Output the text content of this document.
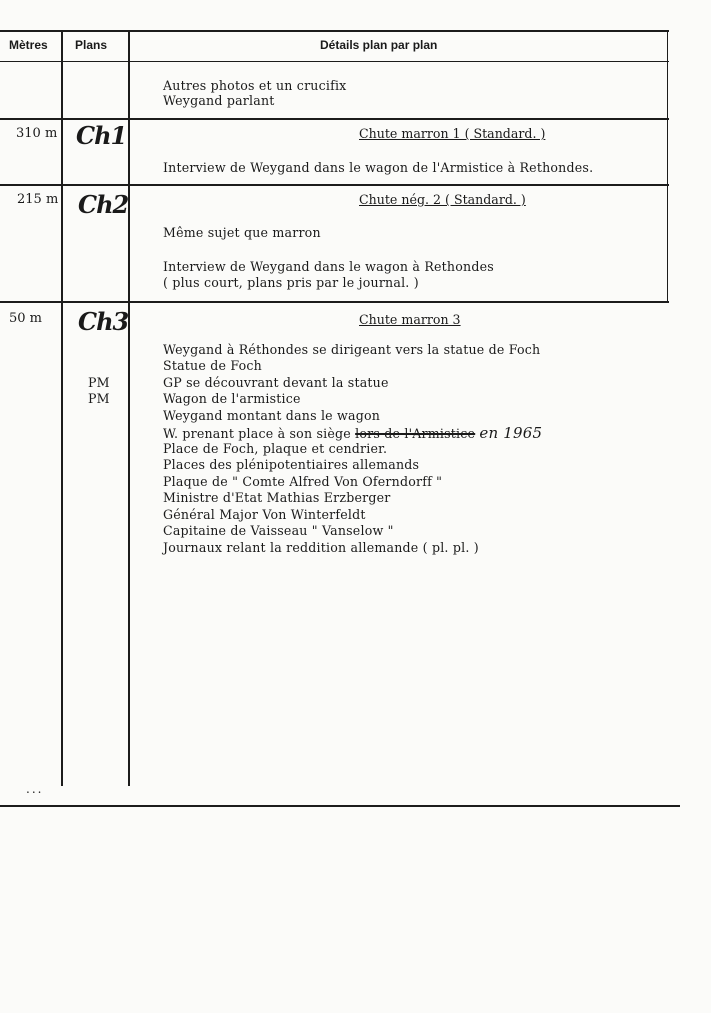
Mètres Plans	Détails plan par plan
Autres photos et un crucifix
Weygand parlant
310 m Ch1	Chute marron 1 ( Standard. )
Interview de Weygand dans le wagon de l'Armistice à Rethondes.
215 m Ch2	Chute nég. 2 ( Standard. )
Même sujet que marron
Interview de Weygand dans le wagon à Rethondes
( plus court, plans pris par le journal. )
50 m Ch3	Chute marron 3
Weygand à Réthondes se dirigeant vers la statue de Foch
Statue de Foch
PM	GP se découvrant devant la statue
PM	Wagon de l'armistice
Weygand montant dans le wagon
W. prenant place à son siège lors de l'Armistice en 1965
Place de Foch, plaque et cendrier.
Places des plénipotentiaires allemands
Plaque de " Comte Alfred Von Oferndorff "
Ministre d'Etat Mathias Erzberger
Général Major Von Winterfeldt
Capitaine de Vaisseau " Vanselow "
Journaux relant la reddition allemande ( pl. pl. )
...
